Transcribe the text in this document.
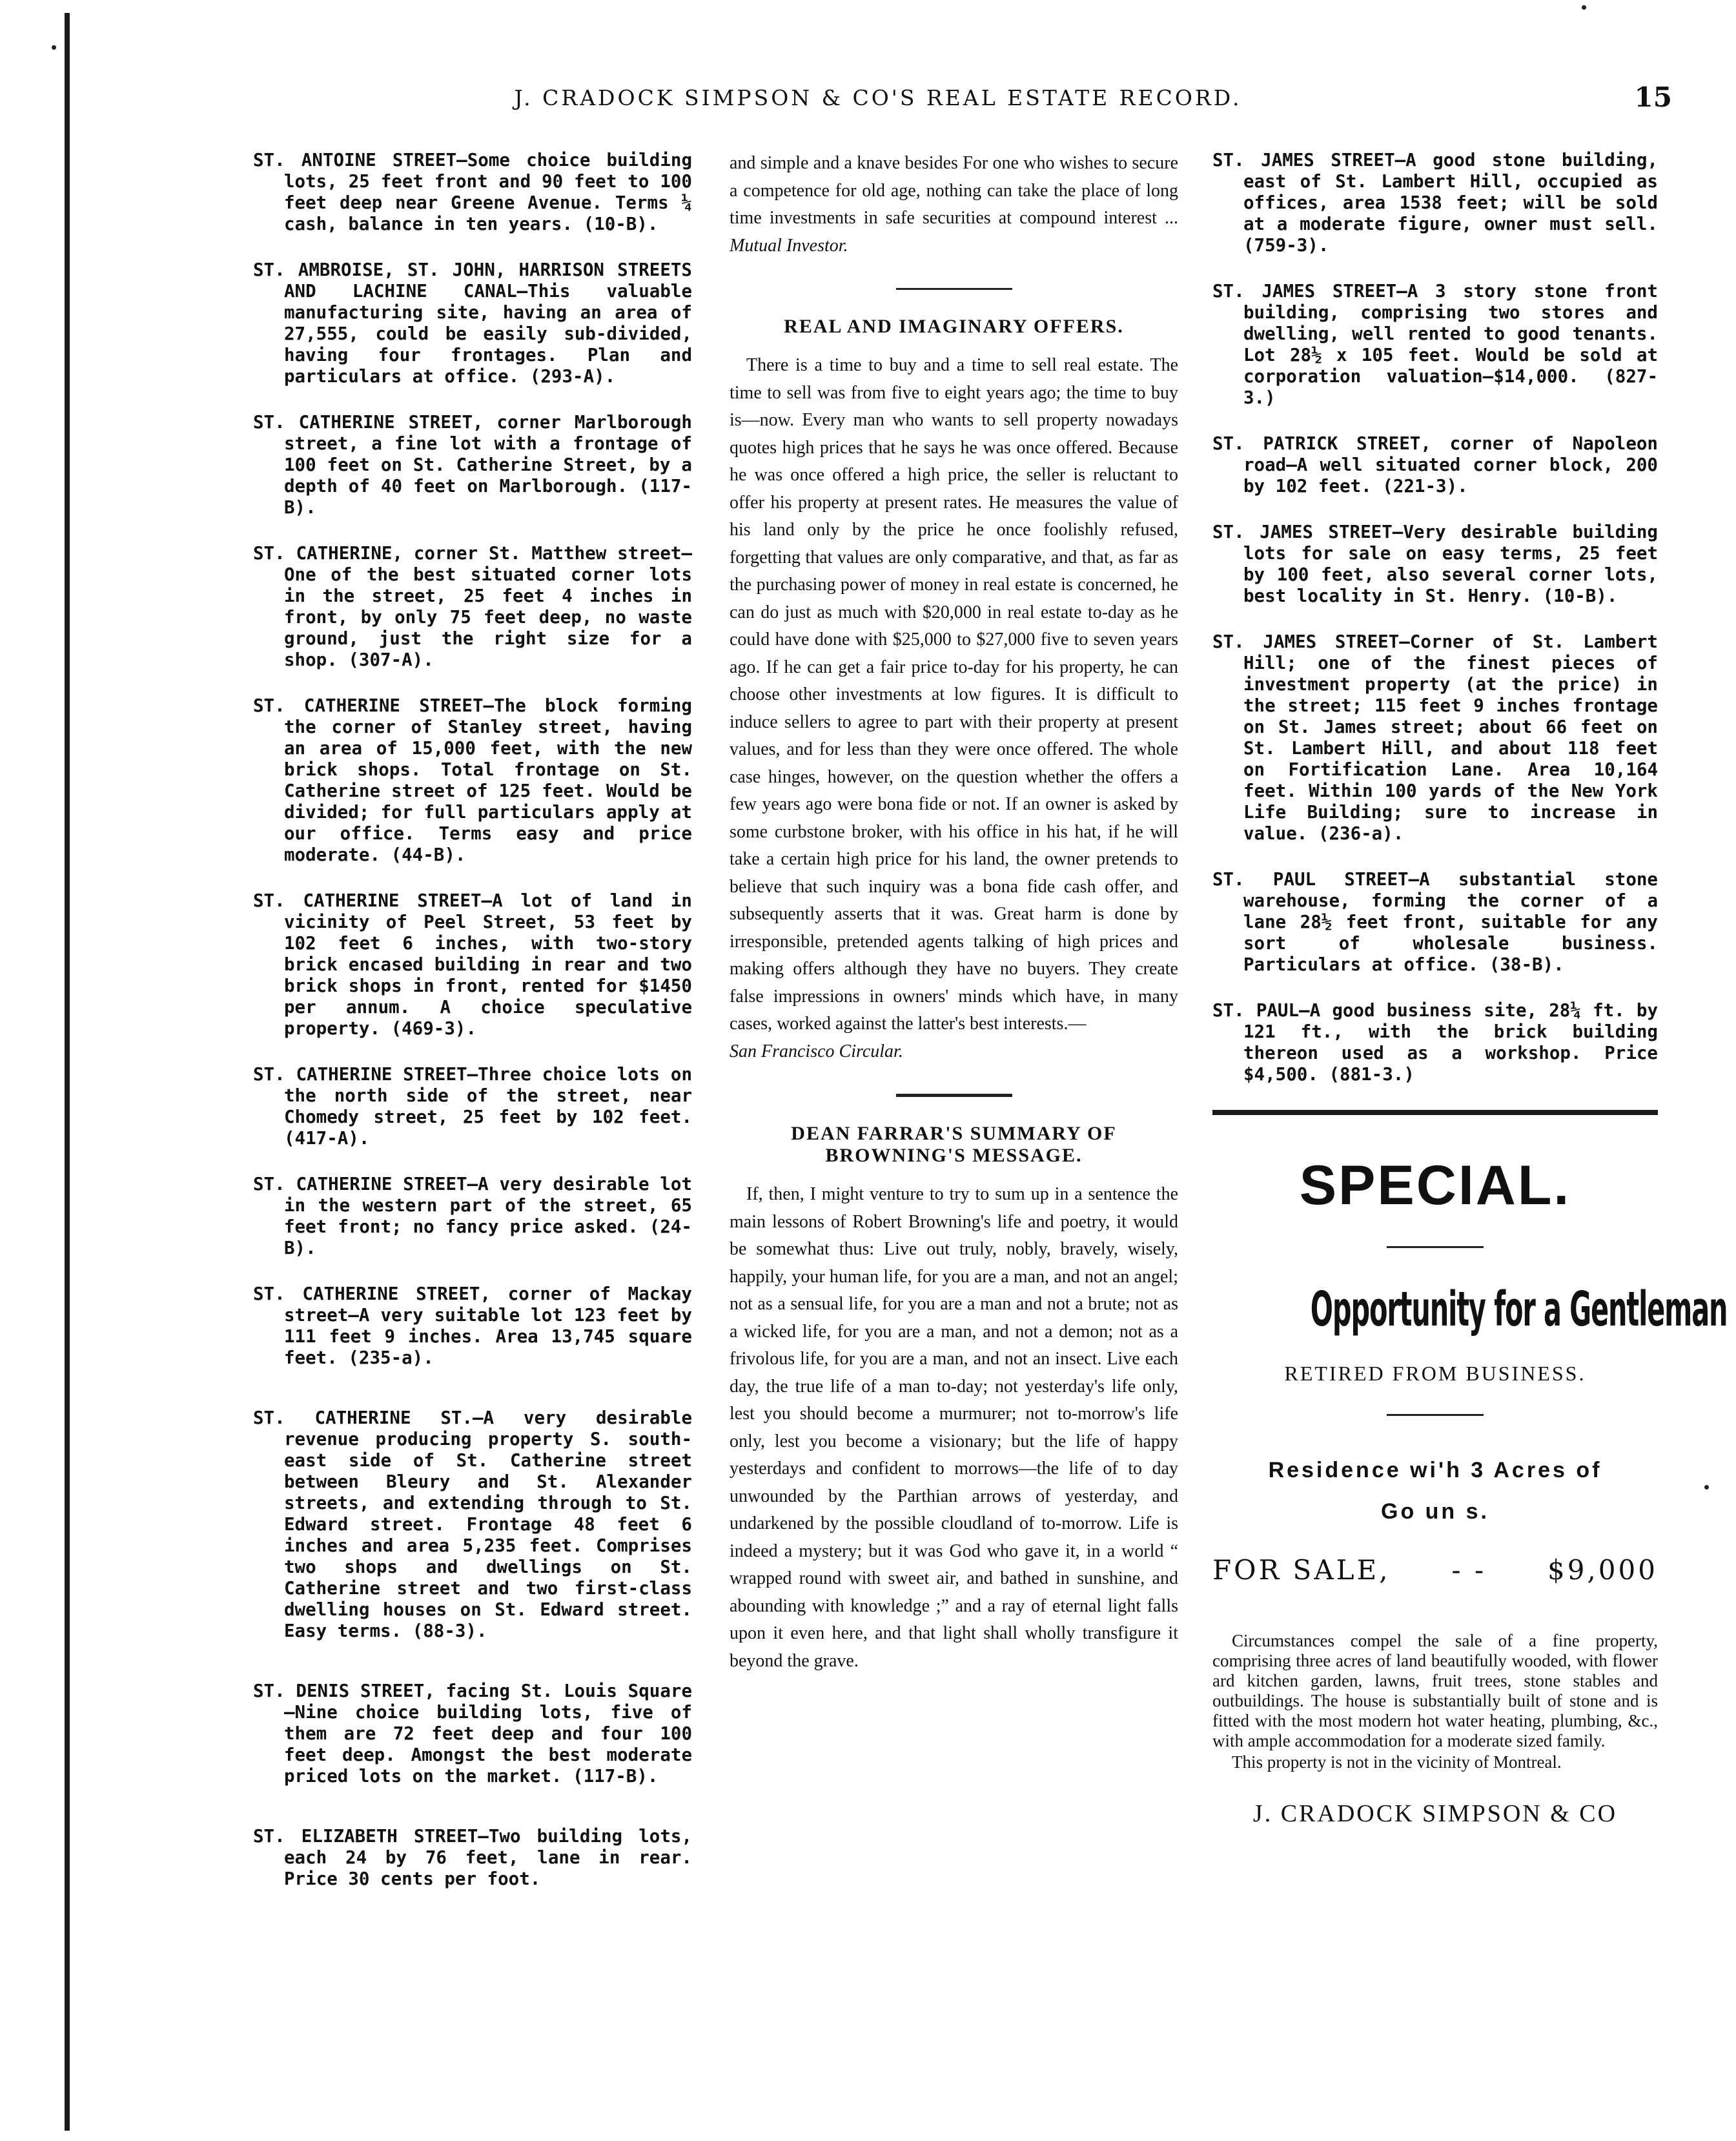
J. CRADOCK SIMPSON & CO'S REAL ESTATE RECORD.	15

ST. ANTOINE STREET—Some choice building lots, 25 feet front and 90 feet to 100 feet deep near Greene Avenue. Terms ¼ cash, balance in ten years. (10-B).

ST. AMBROISE, ST. JOHN, HARRISON STREETS AND LACHINE CANAL—This valuable manufacturing site, having an area of 27,555, could be easily sub-divided, having four frontages. Plan and particulars at office. (293-A).

ST. CATHERINE STREET, corner Marlborough street, a fine lot with a frontage of 100 feet on St. Catherine Street, by a depth of 40 feet on Marlborough. (117-B).

ST. CATHERINE, corner St. Matthew street—One of the best situated corner lots in the street, 25 feet 4 inches in front, by only 75 feet deep, no waste ground, just the right size for a shop. (307-A).

ST. CATHERINE STREET—The block forming the corner of Stanley street, having an area of 15,000 feet, with the new brick shops. Total frontage on St. Catherine street of 125 feet. Would be divided; for full particulars apply at our office. Terms easy and price moderate. (44-B).

ST. CATHERINE STREET—A lot of land in vicinity of Peel Street, 53 feet by 102 feet 6 inches, with two-story brick encased building in rear and two brick shops in front, rented for $1450 per annum. A choice speculative property. (469-3).

ST. CATHERINE STREET—Three choice lots on the north side of the street, near Chomedy street, 25 feet by 102 feet. (417-A).

ST. CATHERINE STREET—A very desirable lot in the western part of the street, 65 feet front; no fancy price asked. (24-B).

ST. CATHERINE STREET, corner of Mackay street—A very suitable lot 123 feet by 111 feet 9 inches. Area 13,745 square feet. (235-a).

ST. CATHERINE ST.—A very desirable revenue producing property S. south-east side of St. Catherine street between Bleury and St. Alexander streets, and extending through to St. Edward street. Frontage 48 feet 6 inches and area 5,235 feet. Comprises two shops and dwellings on St. Catherine street and two first-class dwelling houses on St. Edward street. Easy terms. (88-3).

ST. DENIS STREET, facing St. Louis Square—Nine choice building lots, five of them are 72 feet deep and four 100 feet deep. Amongst the best moderate priced lots on the market. (117-B).

ST. ELIZABETH STREET—Two building lots, each 24 by 76 feet, lane in rear. Price 30 cents per foot.

and simple and a knave besides For one who wishes to secure a competence for old age, nothing can take the place of long time investments in safe securities at compound interest ... Mutual Investor.

REAL AND IMAGINARY OFFERS.

There is a time to buy and a time to sell real estate. The time to sell was from five to eight years ago; the time to buy is—now. Every man who wants to sell property nowadays quotes high prices that he says he was once offered. Because he was once offered a high price, the seller is reluctant to offer his property at present rates. He measures the value of his land only by the price he once foolishly refused, forgetting that values are only comparative, and that, as far as the purchasing power of money in real estate is concerned, he can do just as much with $20,000 in real estate to-day as he could have done with $25,000 to $27,000 five to seven years ago. If he can get a fair price to-day for his property, he can choose other investments at low figures. It is difficult to induce sellers to agree to part with their property at present values, and for less than they were once offered. The whole case hinges, however, on the question whether the offers a few years ago were bona fide or not. If an owner is asked by some curbstone broker, with his office in his hat, if he will take a certain high price for his land, the owner pretends to believe that such inquiry was a bona fide cash offer, and subsequently asserts that it was. Great harm is done by irresponsible, pretended agents talking of high prices and making offers although they have no buyers. They create false impressions in owners' minds which have, in many cases, worked against the latter's best interests.—
San Francisco Circular.

DEAN FARRAR'S SUMMARY OF BROWNING'S MESSAGE.

If, then, I might venture to try to sum up in a sentence the main lessons of Robert Browning's life and poetry, it would be somewhat thus: Live out truly, nobly, bravely, wisely, happily, your human life, for you are a man, and not an angel; not as a sensual life, for you are a man and not a brute; not as a wicked life, for you are a man, and not a demon; not as a frivolous life, for you are a man, and not an insect. Live each day, the true life of a man to-day; not yesterday's life only, lest you should become a murmurer; not to-morrow's life only, lest you become a visionary; but the life of happy yesterdays and confident to morrows—the life of to day unwounded by the Parthian arrows of yesterday, and undarkened by the possible cloudland of to-morrow. Life is indeed a mystery; but it was God who gave it, in a world “ wrapped round with sweet air, and bathed in sunshine, and abounding with knowledge ;” and a ray of eternal light falls upon it even here, and that light shall wholly transfigure it beyond the grave.

ST. JAMES STREET—A good stone building, east of St. Lambert Hill, occupied as offices, area 1538 feet; will be sold at a moderate figure, owner must sell. (759-3).

ST. JAMES STREET—A 3 story stone front building, comprising two stores and dwelling, well rented to good tenants. Lot 28½ x 105 feet. Would be sold at corporation valuation—$14,000. (827-3.)

ST. PATRICK STREET, corner of Napoleon road—A well situated corner block, 200 by 102 feet. (221-3).

ST. JAMES STREET—Very desirable building lots for sale on easy terms, 25 feet by 100 feet, also several corner lots, best locality in St. Henry. (10-B).

ST. JAMES STREET—Corner of St. Lambert Hill; one of the finest pieces of investment property (at the price) in the street; 115 feet 9 inches frontage on St. James street; about 66 feet on St. Lambert Hill, and about 118 feet on Fortification Lane. Area 10,164 feet. Within 100 yards of the New York Life Building; sure to increase in value. (236-a).

ST. PAUL STREET—A substantial stone warehouse, forming the corner of a lane 28½ feet front, suitable for any sort of wholesale business. Particulars at office. (38-B).

ST. PAUL—A good business site, 28¼ ft. by 121 ft., with the brick building thereon used as a workshop. Price $4,500. (881-3.)

SPECIAL.
Opportunity for a Gentleman
RETIRED FROM BUSINESS.
Residence wi'h 3 Acres of
Go un s.
FOR SALE, - - $9,000

Circumstances compel the sale of a fine property, comprising three acres of land beautifully wooded, with flower ard kitchen garden, lawns, fruit trees, stone stables and outbuildings. The house is substantially built of stone and is fitted with the most modern hot water heating, plumbing, &c., with ample accommodation for a moderate sized family.

This property is not in the vicinity of Montreal.

J. CRADOCK SIMPSON & CO
